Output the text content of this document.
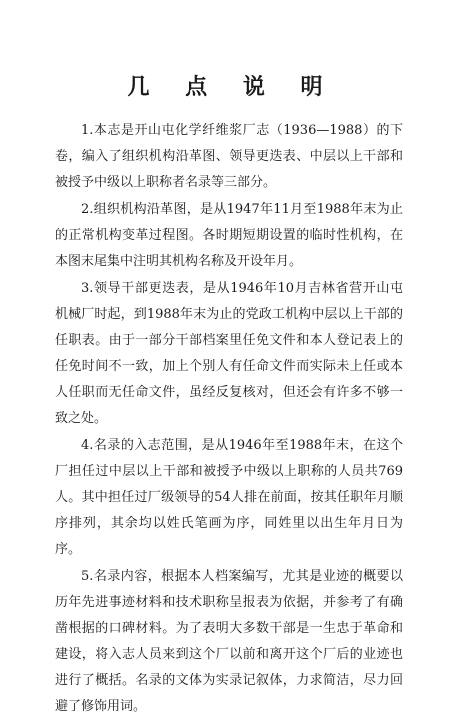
几 点 说 明

1.本志是开山屯化学纤维浆厂志（1936—1988）的下卷，编入了组织机构沿革图、领导更迭表、中层以上干部和被授予中级以上职称者名录等三部分。

2.组织机构沿革图，是从1947年11月至1988年末为止的正常机构变革过程图。各时期短期设置的临时性机构，在本图末尾集中注明其机构名称及开设年月。

3.领导干部更迭表，是从1946年10月吉林省营开山屯机械厂时起，到1988年末为止的党政工机构中层以上干部的任职表。由于一部分干部档案里任免文件和本人登记表上的任免时间不一致，加上个别人有任命文件而实际未上任或本人任职而无任命文件，虽经反复核对，但还会有许多不够一致之处。

4.名录的入志范围，是从1946年至1988年末，在这个厂担任过中层以上干部和被授予中级以上职称的人员共769人。其中担任过厂级领导的54人排在前面，按其任职年月顺序排列，其余均以姓氏笔画为序，同姓里以出生年月日为序。

5.名录内容，根据本人档案编写，尤其是业迹的概要以历年先进事迹材料和技术职称呈报表为依据，并参考了有确凿根据的口碑材料。为了表明大多数干部是一生忠于革命和建设，将入志人员来到这个厂以前和离开这个厂后的业迹也进行了概括。名录的文体为实录记叙体，力求简洁，尽力回避了修饰用词。
